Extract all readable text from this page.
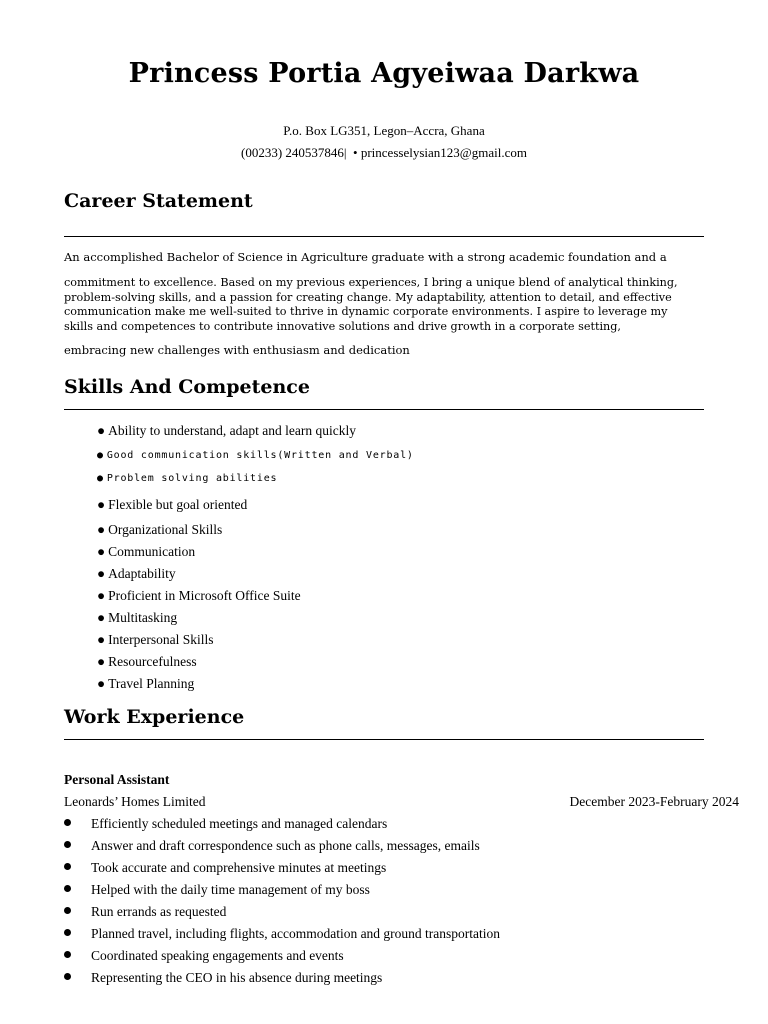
Princess Portia Agyeiwaa Darkwa
P.o. Box LG351, Legon–Accra, Ghana
(00233) 240537846| • princesselysian123@gmail.com
Career Statement
An accomplished Bachelor of Science in Agriculture graduate with a strong academic foundation and a
commitment to excellence. Based on my previous experiences, I bring a unique blend of analytical thinking,
problem-solving skills, and a passion for creating change. My adaptability, attention to detail, and effective
communication make me well-suited to thrive in dynamic corporate environments. I aspire to leverage my
skills and competences to contribute innovative solutions and drive growth in a corporate setting,
embracing new challenges with enthusiasm and dedication
Skills And Competence
● Ability to understand, adapt and learn quickly
● Good communication skills(Written and Verbal)
● Problem solving abilities
● Flexible but goal oriented
● Organizational Skills
● Communication
● Adaptability
● Proficient in Microsoft Office Suite
● Multitasking
● Interpersonal Skills
● Resourcefulness
● Travel Planning
Work Experience
Personal Assistant
Leonards’ Homes Limited	December 2023-February 2024
Efficiently scheduled meetings and managed calendars
Answer and draft correspondence such as phone calls, messages, emails
Took accurate and comprehensive minutes at meetings
Helped with the daily time management of my boss
Run errands as requested
Planned travel, including flights, accommodation and ground transportation
Coordinated speaking engagements and events
Representing the CEO in his absence during meetings
